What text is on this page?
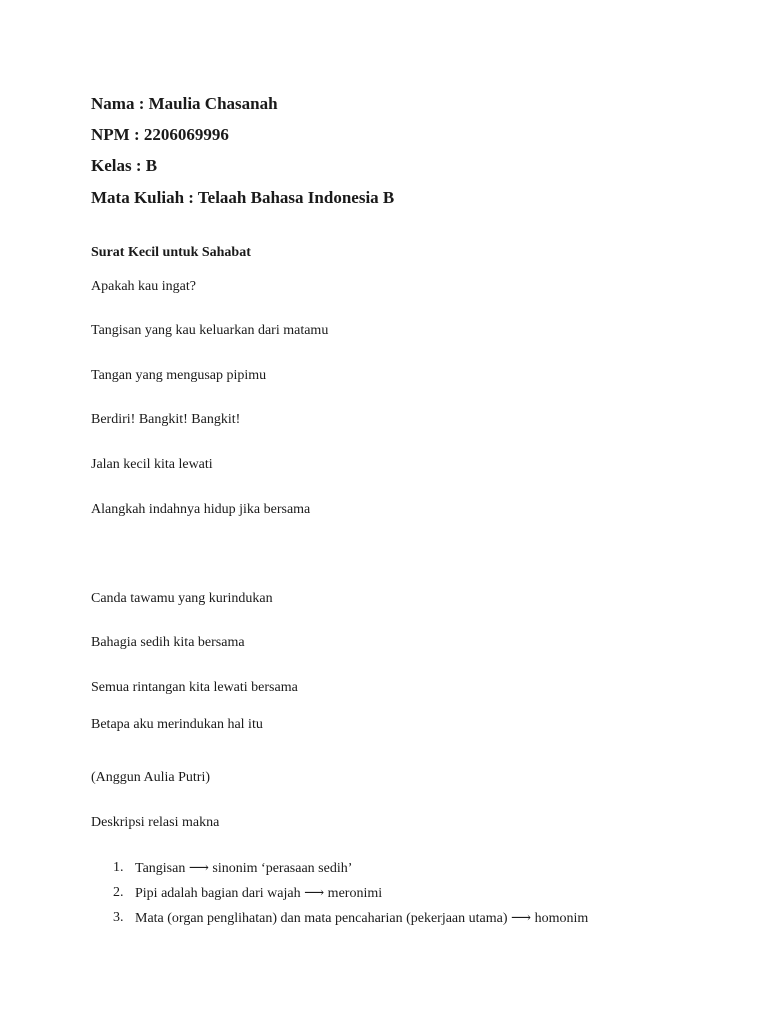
Nama : Maulia Chasanah
NPM : 2206069996
Kelas : B
Mata Kuliah : Telaah Bahasa Indonesia B
Surat Kecil untuk Sahabat
Apakah kau ingat?
Tangisan yang kau keluarkan dari matamu
Tangan yang mengusap pipimu
Berdiri! Bangkit! Bangkit!
Jalan kecil kita lewati
Alangkah indahnya hidup jika bersama
Canda tawamu yang kurindukan
Bahagia sedih kita bersama
Semua rintangan kita lewati bersama
Betapa aku merindukan hal itu
(Anggun Aulia Putri)
Deskripsi relasi makna
1. Tangisan ⟶ sinonim ‘perasaan sedih’
2. Pipi adalah bagian dari wajah ⟶ meronimi
3. Mata (organ penglihatan) dan mata pencaharian (pekerjaan utama) ⟶ homonim
